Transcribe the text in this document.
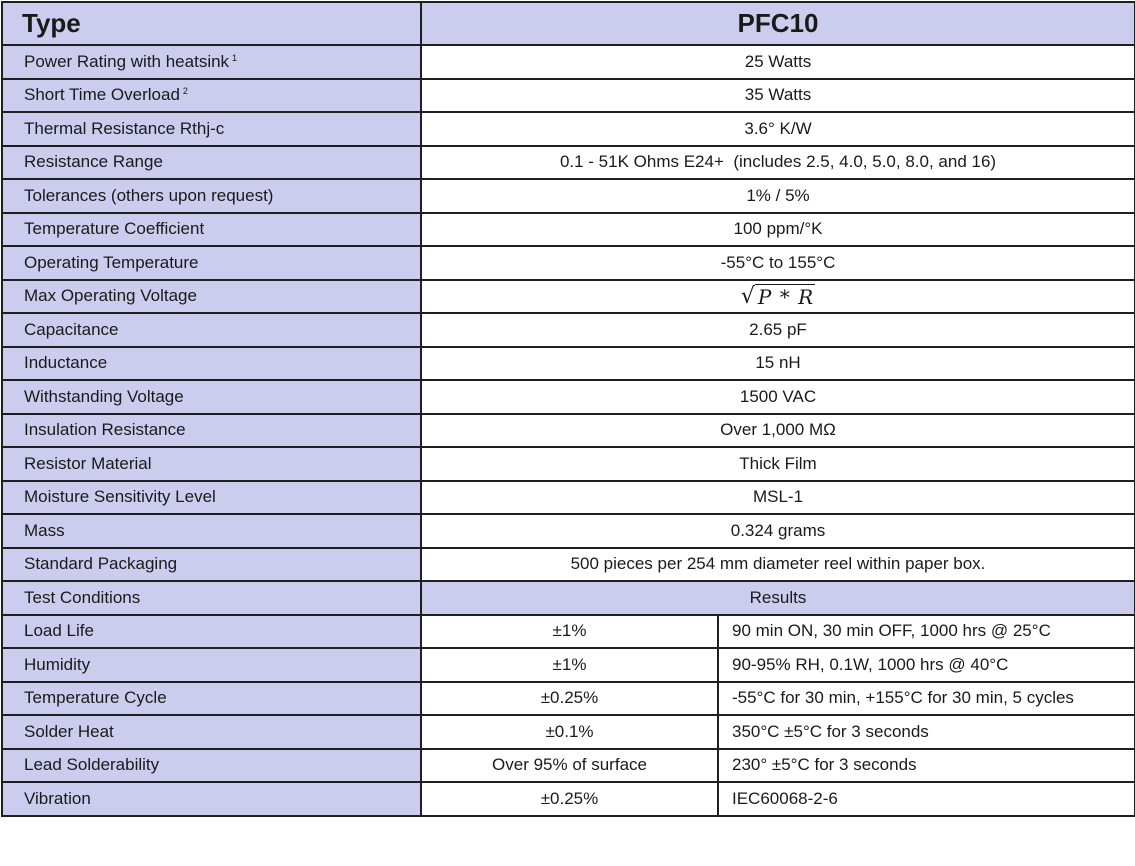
Type	PFC10	
Power Rating with heatsink $^1$	25 Watts	
Short Time Overload $^2$	35 Watts	
Thermal Resistance Rthj-c	3.6° K/W	
Resistance Range	0.1 - 51K Ohms E24+  (includes 2.5, 4.0, 5.0, 8.0, and 16)	
Tolerances (others upon request)	1% / 5%	
Temperature Coefficient	100 ppm/°K	
Operating Temperature	-55°C to 155°C	
Max Operating Voltage	√ P * R	

Capacitance	2.65 pF	
Inductance	15 nH	
Withstanding Voltage	1500 VAC	
Insulation Resistance	Over 1,000 MΩ	
Resistor Material	Thick Film	
Moisture Sensitivity Level	MSL-1	
Mass	0.324 grams	
Standard Packaging	500 pieces per 254 mm diameter reel within paper box.	
Test Conditions	Results	
Load Life	±1%	90 min ON, 30 min OFF, 1000 hrs @ 25°C
Humidity	±1%	90-95% RH, 0.1W, 1000 hrs @ 40°C
Temperature Cycle	±0.25%	-55°C for 30 min, +155°C for 30 min, 5 cycles
Solder Heat	±0.1%	350°C ±5°C for 3 seconds
Lead Solderability	Over 95% of surface	230° ±5°C for 3 seconds
Vibration	±0.25%	IEC60068-2-6
